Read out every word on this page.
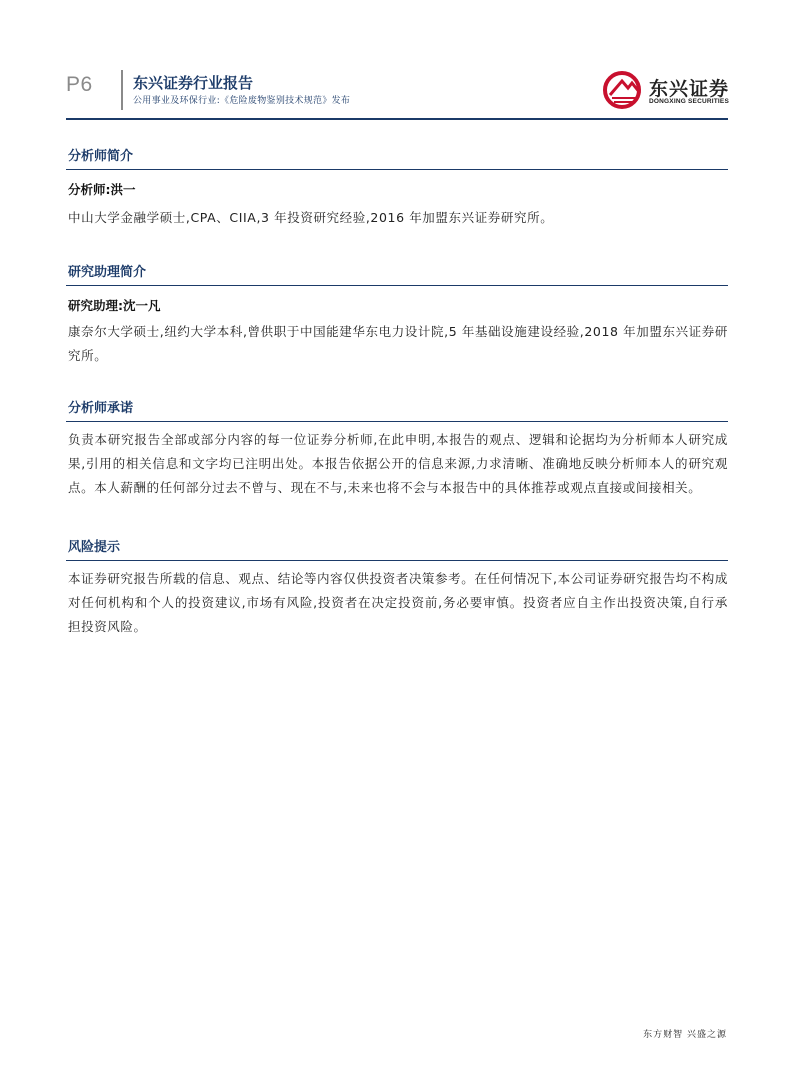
P6	东兴证券行业报告
公用事业及环保行业:《危险废物鉴别技术规范》发布
东兴证券
DONGXING SECURITIES
分析师简介
分析师:洪一
中山大学金融学硕士,CPA、CIIA,3 年投资研究经验,2016 年加盟东兴证券研究所。
研究助理简介
研究助理:沈一凡
康奈尔大学硕士,纽约大学本科,曾供职于中国能建华东电力设计院,5 年基础设施建设经验,2018 年加盟东兴证券研究所。
分析师承诺
负责本研究报告全部或部分内容的每一位证券分析师,在此申明,本报告的观点、逻辑和论据均为分析师本人研究成果,引用的相关信息和文字均已注明出处。本报告依据公开的信息来源,力求清晰、准确地反映分析师本人的研究观点。本人薪酬的任何部分过去不曾与、现在不与,未来也将不会与本报告中的具体推荐或观点直接或间接相关。
风险提示
本证券研究报告所载的信息、观点、结论等内容仅供投资者决策参考。在任何情况下,本公司证券研究报告均不构成对任何机构和个人的投资建议,市场有风险,投资者在决定投资前,务必要审慎。投资者应自主作出投资决策,自行承担投资风险。
东方财智 兴盛之源
